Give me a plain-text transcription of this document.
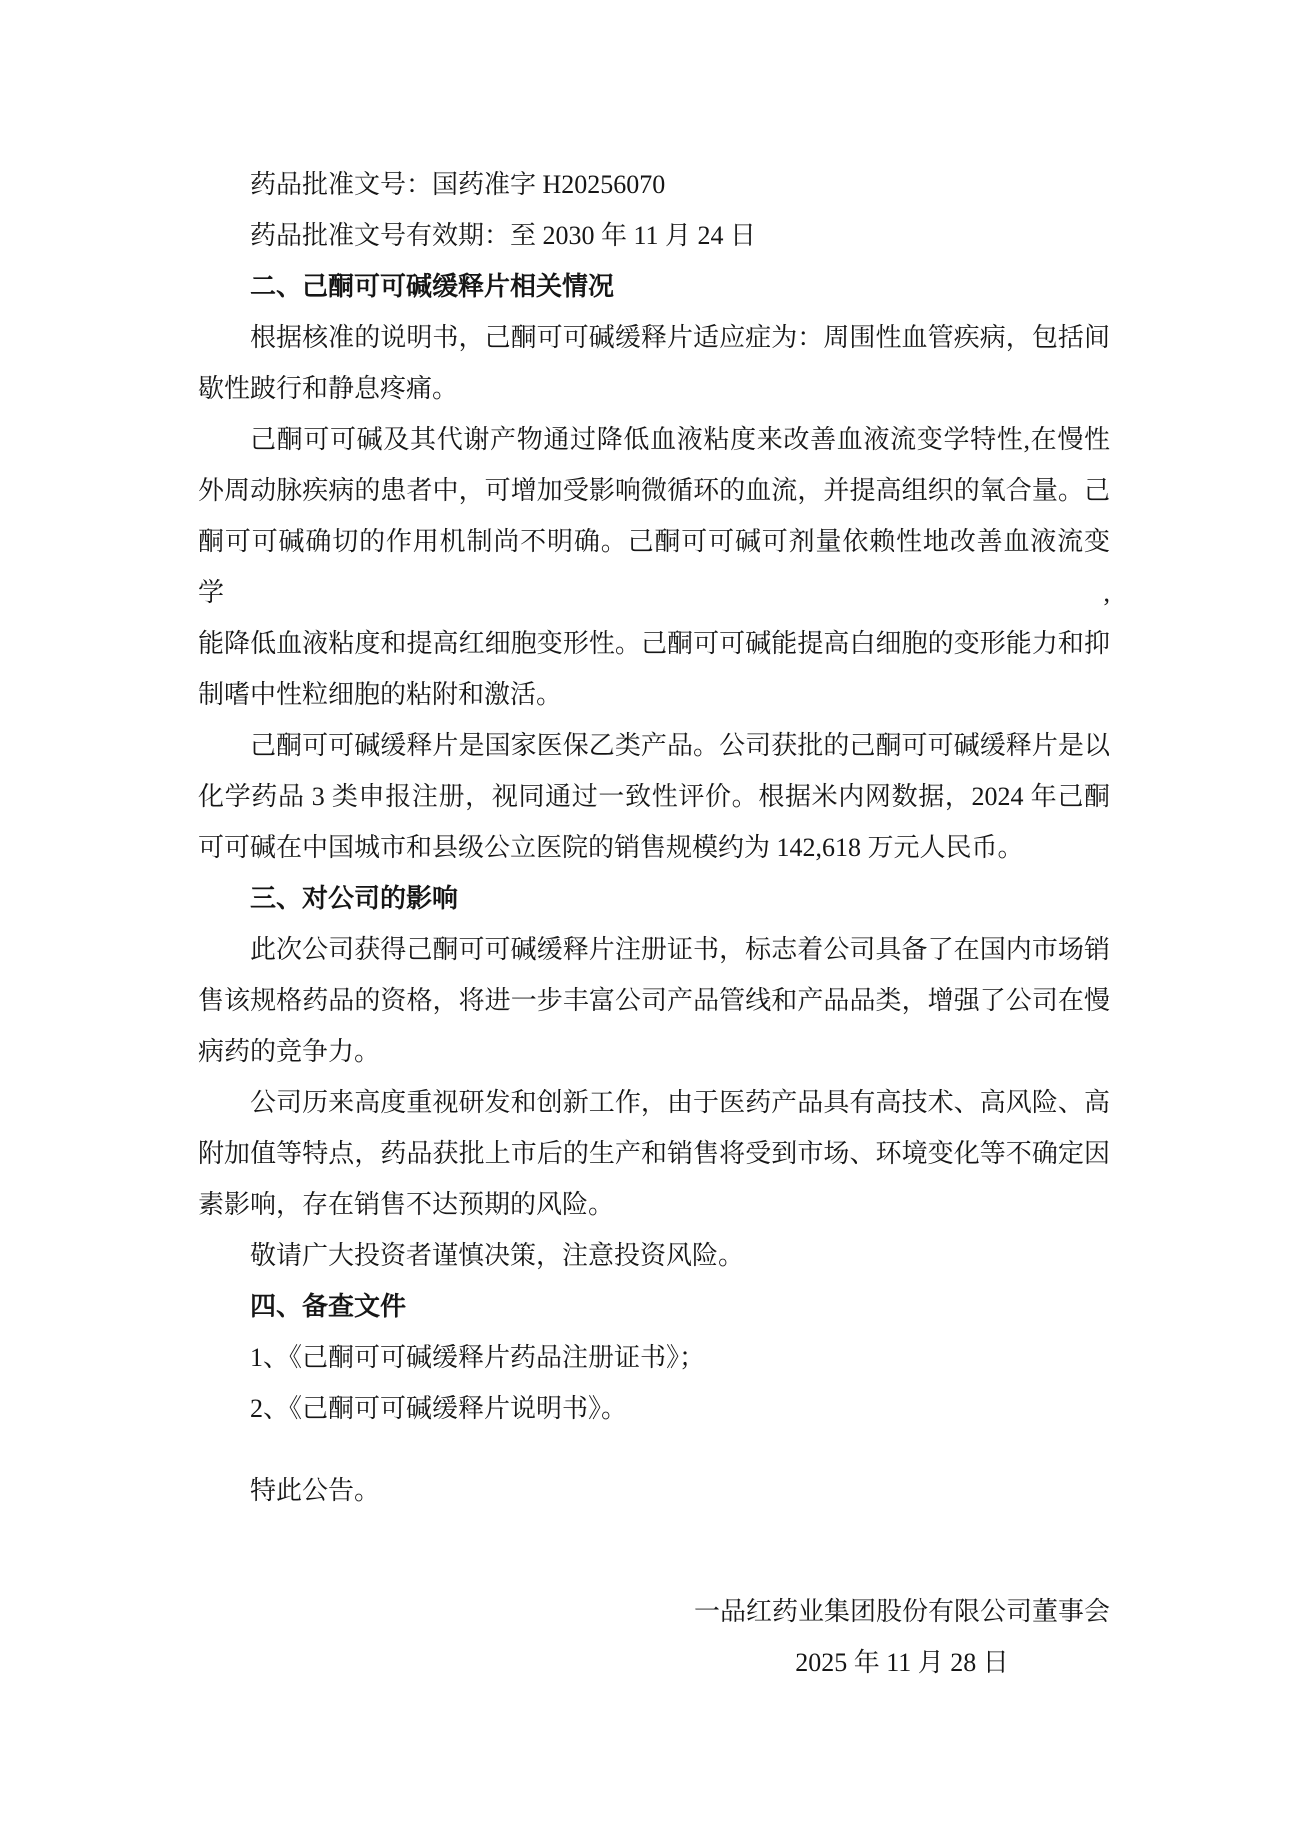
药品批准文号：国药准字 H20256070

药品批准文号有效期：至 2030 年 11 月 24 日

二、己酮可可碱缓释片相关情况

根据核准的说明书，己酮可可碱缓释片适应症为：周围性血管疾病，包括间

歇性跛行和静息疼痛。

己酮可可碱及其代谢产物通过降低血液粘度来改善血液流变学特性,在慢性

外周动脉疾病的患者中，可增加受影响微循环的血流，并提高组织的氧合量。己

酮可可碱确切的作用机制尚不明确。己酮可可碱可剂量依赖性地改善血液流变学,

能降低血液粘度和提高红细胞变形性。己酮可可碱能提高白细胞的变形能力和抑

制嗜中性粒细胞的粘附和激活。

己酮可可碱缓释片是国家医保乙类产品。公司获批的己酮可可碱缓释片是以

化学药品 3 类申报注册，视同通过一致性评价。根据米内网数据，2024 年己酮

可可碱在中国城市和县级公立医院的销售规模约为 142,618 万元人民币。

三、对公司的影响

此次公司获得己酮可可碱缓释片注册证书，标志着公司具备了在国内市场销

售该规格药品的资格，将进一步丰富公司产品管线和产品品类，增强了公司在慢

病药的竞争力。

公司历来高度重视研发和创新工作，由于医药产品具有高技术、高风险、高

附加值等特点，药品获批上市后的生产和销售将受到市场、环境变化等不确定因

素影响，存在销售不达预期的风险。

敬请广大投资者谨慎决策，注意投资风险。

四、备查文件

1、《己酮可可碱缓释片药品注册证书》；

2、《己酮可可碱缓释片说明书》。

特此公告。

一品红药业集团股份有限公司董事会

2025 年 11 月 28 日
